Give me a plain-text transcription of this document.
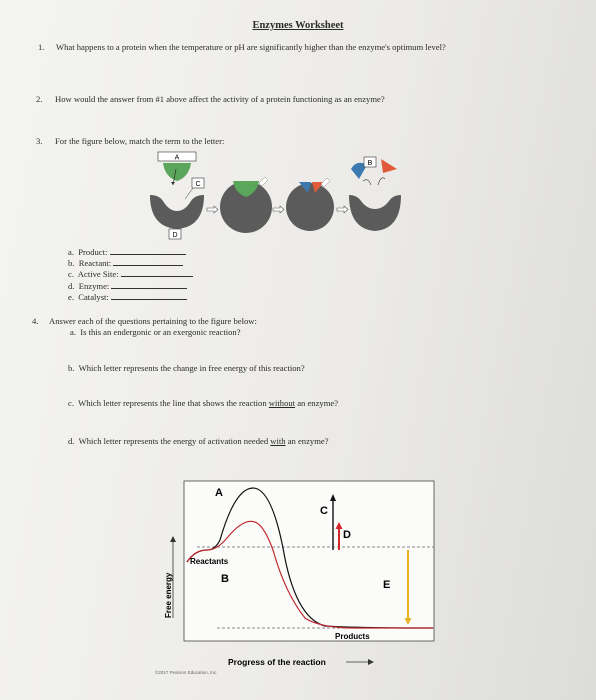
Enzymes Worksheet
1. What happens to a protein when the temperature or pH are significantly higher than the enzyme's optimum level?
2. How would the answer from #1 above affect the activity of a protein functioning as an enzyme?
3. For the figure below, match the term to the letter:
A
C
D
B
a. Product:
b. Reactant:
c. Active Site:
d. Enzyme:
e. Catalyst:
4. Answer each of the questions pertaining to the figure below:
a. Is this an endergonic or an exergonic reaction?
b. Which letter represents the change in free energy of this reaction?
c. Which letter represents the line that shows the reaction without an enzyme?
d. Which letter represents the energy of activation needed with an enzyme?
Free energy
A
Reactants
B
C
D
E
Products
Progress of the reaction
©2017 Pearson Education, Inc.
